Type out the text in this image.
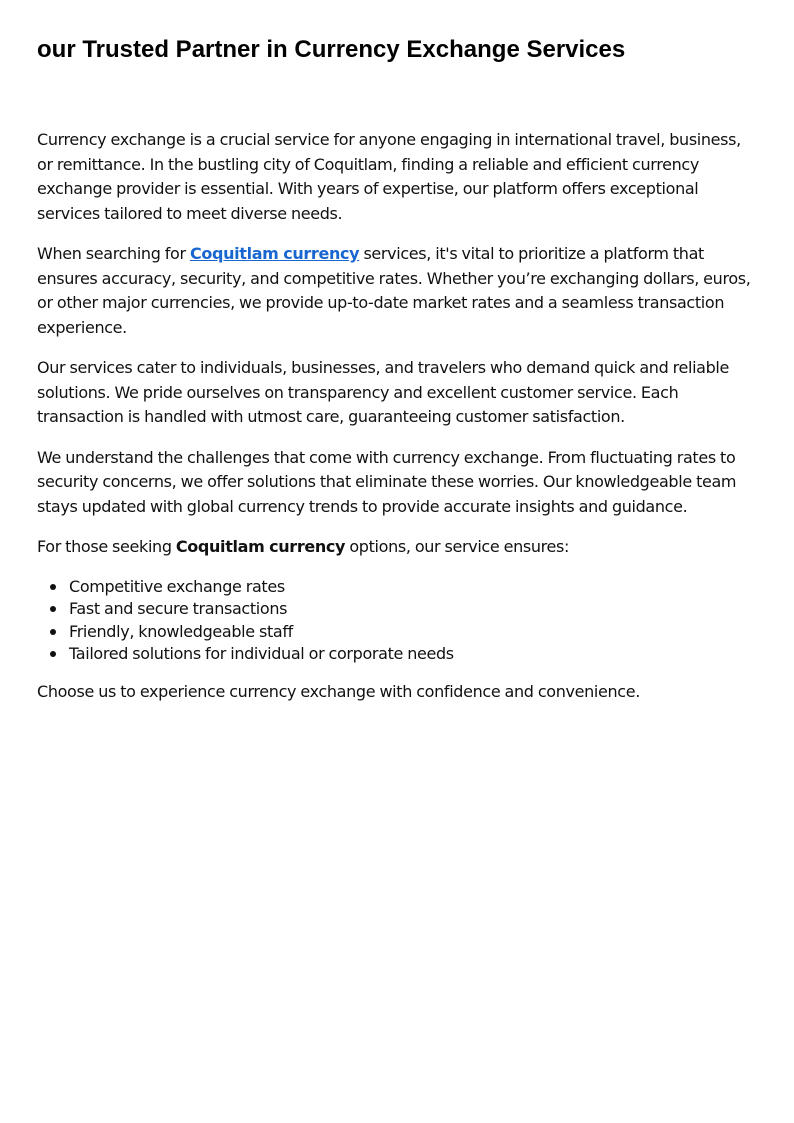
our Trusted Partner in Currency Exchange Services

Currency exchange is a crucial service for anyone engaging in international travel, business, or remittance. In the bustling city of Coquitlam, finding a reliable and efficient currency exchange provider is essential. With years of expertise, our platform offers exceptional services tailored to meet diverse needs.

When searching for Coquitlam currency services, it's vital to prioritize a platform that ensures accuracy, security, and competitive rates. Whether you’re exchanging dollars, euros, or other major currencies, we provide up-to-date market rates and a seamless transaction experience.

Our services cater to individuals, businesses, and travelers who demand quick and reliable solutions. We pride ourselves on transparency and excellent customer service. Each transaction is handled with utmost care, guaranteeing customer satisfaction.

We understand the challenges that come with currency exchange. From fluctuating rates to security concerns, we offer solutions that eliminate these worries. Our knowledgeable team stays updated with global currency trends to provide accurate insights and guidance.

For those seeking Coquitlam currency options, our service ensures:

Competitive exchange rates
Fast and secure transactions
Friendly, knowledgeable staff
Tailored solutions for individual or corporate needs

Choose us to experience currency exchange with confidence and convenience.
